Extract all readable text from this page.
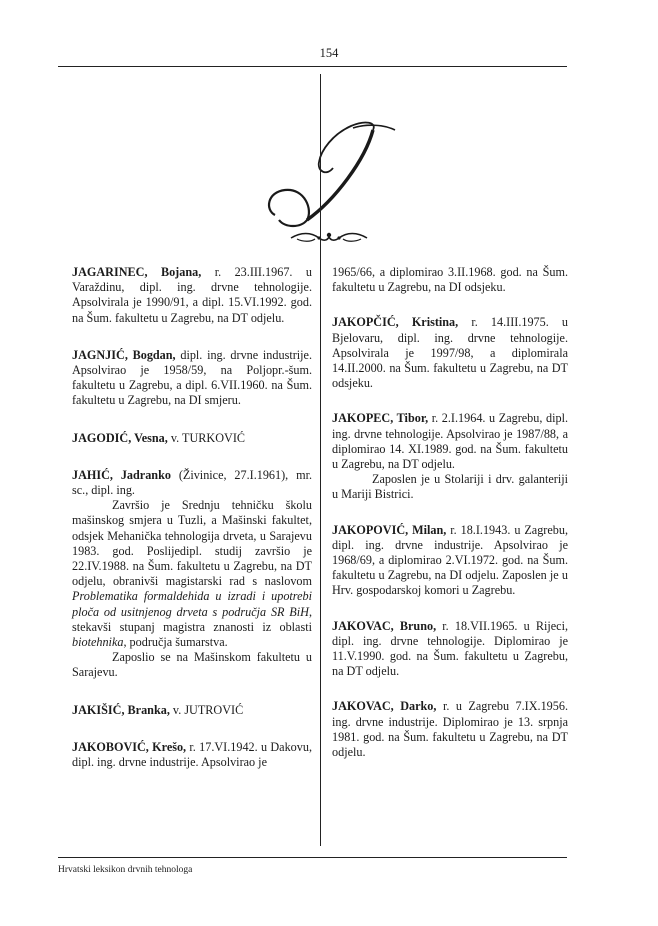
154

JAGARINEC, Bojana, r. 23.III.1967. u Varaždinu, dipl. ing. drvne tehnologije. Apsolvirala je 1990/91, a dipl. 15.VI.1992. god. na Šum. fakultetu u Zagrebu, na DT odjelu.

JAGNJIĆ, Bogdan, dipl. ing. drvne industrije. Apsolvirao je 1958/59, na Poljopr.-šum. fakultetu u Zagrebu, a dipl. 6.VII.1960. na Šum. fakultetu u Zagrebu, na DI smjeru.

JAGODIĆ, Vesna, v. TURKOVIĆ

JAHIĆ, Jadranko (Živinice, 27.I.1961), mr. sc., dipl. ing.

Završio je Srednju tehničku školu mašinskog smjera u Tuzli, a Mašinski fakultet, odsjek Mehanička tehnologija drveta, u Sarajevu 1983. god. Poslijedipl. studij završio je 22.IV.1988. na Šum. fakultetu u Zagrebu, na DT odjelu, obranivši magistarski rad s naslovom Problematika formaldehida u izradi i upotrebi ploča od usitnjenog drveta s područja SR BiH, stekavši stupanj magistra znanosti iz oblasti biotehnika, područja šumarstva.

Zaposlio se na Mašinskom fakultetu u Sarajevu.

JAKIŠIĆ, Branka, v. JUTROVIĆ

JAKOBOVIĆ, Krešo, r. 17.VI.1942. u Dakovu, dipl. ing. drvne industrije. Apsolvirao je

1965/66, a diplomirao 3.II.1968. god. na Šum. fakultetu u Zagrebu, na DI odsjeku.

JAKOPČIĆ, Kristina, r. 14.III.1975. u Bjelovaru, dipl. ing. drvne tehnologije. Apsolvirala je 1997/98, a diplomirala 14.II.2000. na Šum. fakultetu u Zagrebu, na DT odsjeku.

JAKOPEC, Tibor, r. 2.I.1964. u Zagrebu, dipl. ing. drvne tehnologije. Apsolvirao je 1987/88, a diplomirao 14. XI.1989. god. na Šum. fakultetu u Zagrebu, na DT odjelu.

Zaposlen je u Stolariji i drv. galanteriji u Mariji Bistrici.

JAKOPOVIĆ, Milan, r. 18.I.1943. u Zagrebu, dipl. ing. drvne industrije. Apsolvirao je 1968/69, a diplomirao 2.VI.1972. god. na Šum. fakultetu u Zagrebu, na DI odjelu. Zaposlen je u Hrv. gospodarskoj komori u Zagrebu.

JAKOVAC, Bruno, r. 18.VII.1965. u Rijeci, dipl. ing. drvne tehnologije. Diplomirao je 11.V.1990. god. na Šum. fakultetu u Zagrebu, na DT odjelu.

JAKOVAC, Darko, r. u Zagrebu 7.IX.1956. ing. drvne industrije. Diplomirao je 13. srpnja 1981. god. na Šum. fakultetu u Zagrebu, na DT odjelu.

Hrvatski leksikon drvnih tehnologa
